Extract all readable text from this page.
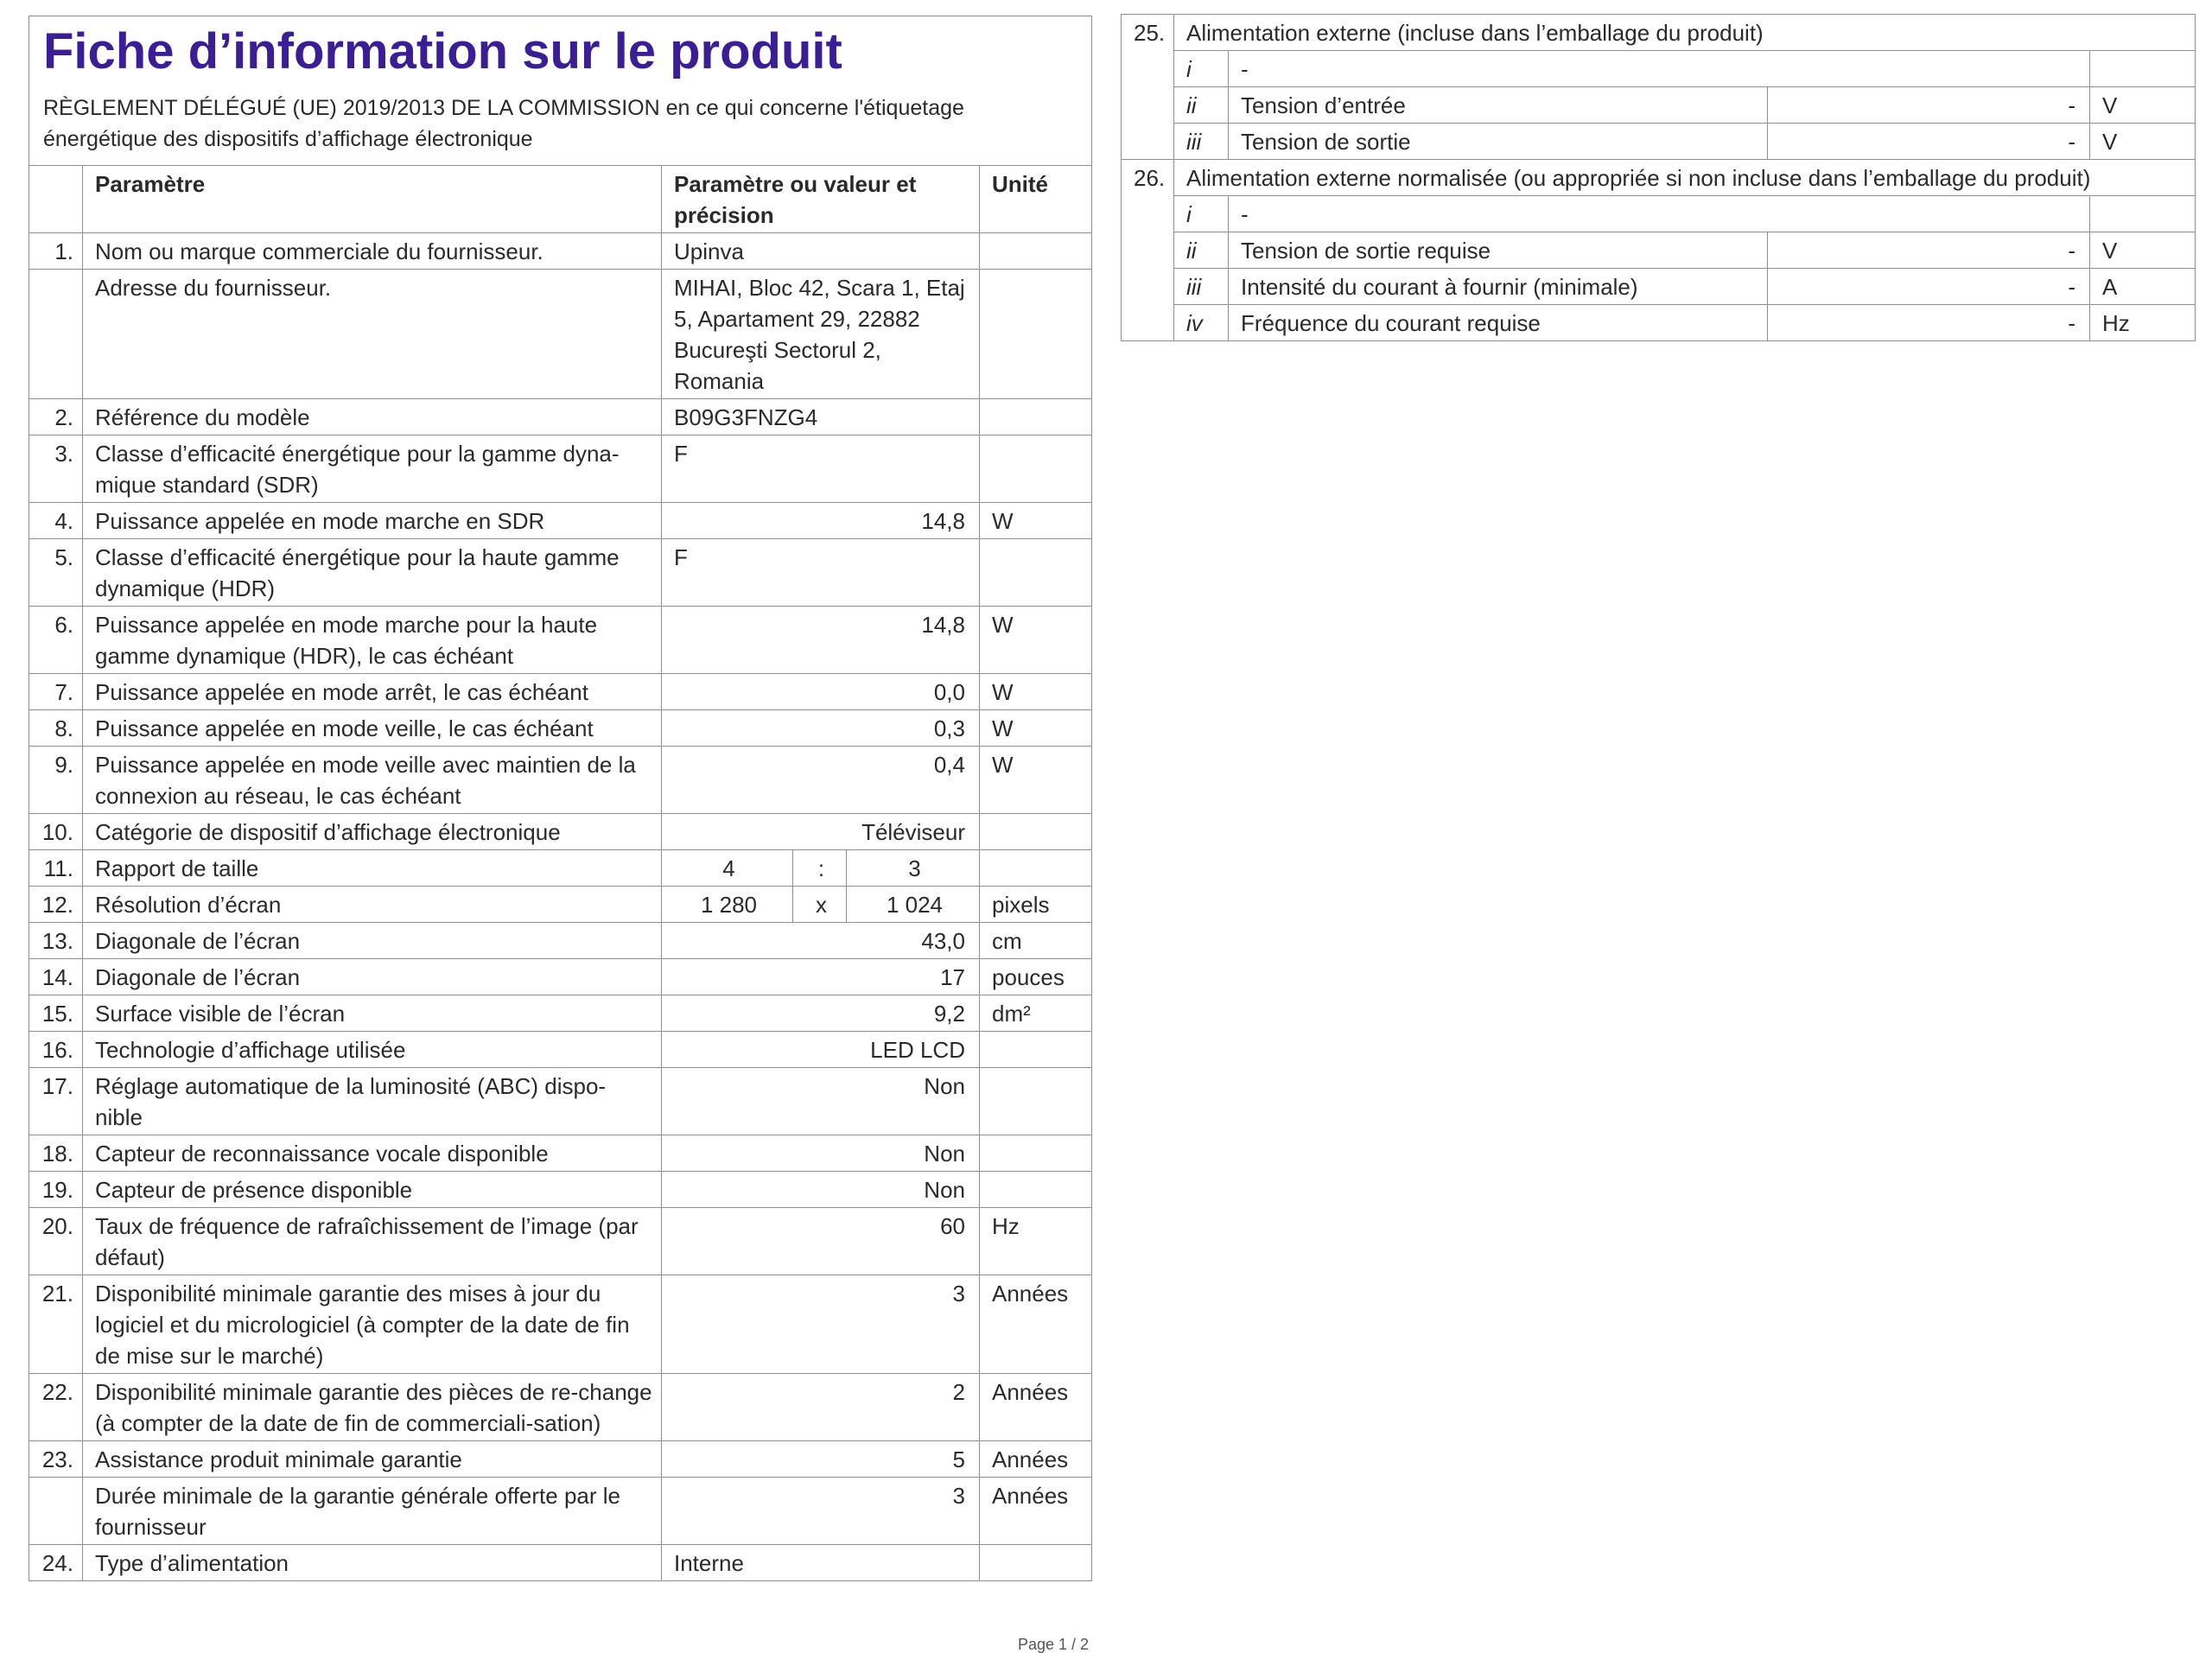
Fiche d’information sur le produit
RÈGLEMENT DÉLÉGUÉ (UE) 2019/2013 DE LA COMMISSION en ce qui concerne l'étiquetage énergétique des dispositifs d’affichage électronique					

	Paramètre	Paramètre ou valeur et précision			Unité
1.	Nom ou marque commerciale du fournisseur.	Upinva			
	Adresse du fournisseur.	MIHAI, Bloc 42, Scara 1, Etaj 5, Apartament 29, 22882 Bucureşti Sectorul 2, Romania			
2.	Référence du modèle	B09G3FNZG4			
3.	Classe d’efficacité énergétique pour la gamme dyna-mique standard (SDR)	F			
4.	Puissance appelée en mode marche en SDR	14,8			W
5.	Classe d’efficacité énergétique pour la haute gamme dynamique (HDR)	F			
6.	Puissance appelée en mode marche pour la haute gamme dynamique (HDR), le cas échéant	14,8			W
7.	Puissance appelée en mode arrêt, le cas échéant	0,0			W
8.	Puissance appelée en mode veille, le cas échéant	0,3			W
9.	Puissance appelée en mode veille avec maintien de la connexion au réseau, le cas échéant	0,4			W
10.	Catégorie de dispositif d’affichage électronique	Téléviseur			
11.	Rapport de taille	4	:	3	
12.	Résolution d’écran	1 280	x	1 024	pixels
13.	Diagonale de l’écran	43,0			cm
14.	Diagonale de l’écran	17			pouces
15.	Surface visible de l’écran	9,2			dm²
16.	Technologie d’affichage utilisée	LED LCD			
17.	Réglage automatique de la luminosité (ABC) dispo-nible	Non			
18.	Capteur de reconnaissance vocale disponible	Non			
19.	Capteur de présence disponible	Non			
20.	Taux de fréquence de rafraîchissement de l’image (par défaut)	60			Hz
21.	Disponibilité minimale garantie des mises à jour du logiciel et du micrologiciel (à compter de la date de fin de mise sur le marché)	3			Années
22.	Disponibilité minimale garantie des pièces de re-change (à compter de la date de fin de commerciali-sation)	2			Années
23.	Assistance produit minimale garantie	5			Années
	Durée minimale de la garantie générale offerte par le fournisseur	3			Années
24.	Type d’alimentation	Interne			
25.	Alimentation externe (incluse dans l’emballage du produit)			
	i	-		
	ii	Tension d’entrée	-	V
	iii	Tension de sortie	-	V
26.	Alimentation externe normalisée (ou appropriée si non incluse dans l’emballage du produit)			
	i	-		
	ii	Tension de sortie requise	-	V
	iii	Intensité du courant à fournir (minimale)	-	A
	iv	Fréquence du courant requise	-	Hz
Page 1 / 2
